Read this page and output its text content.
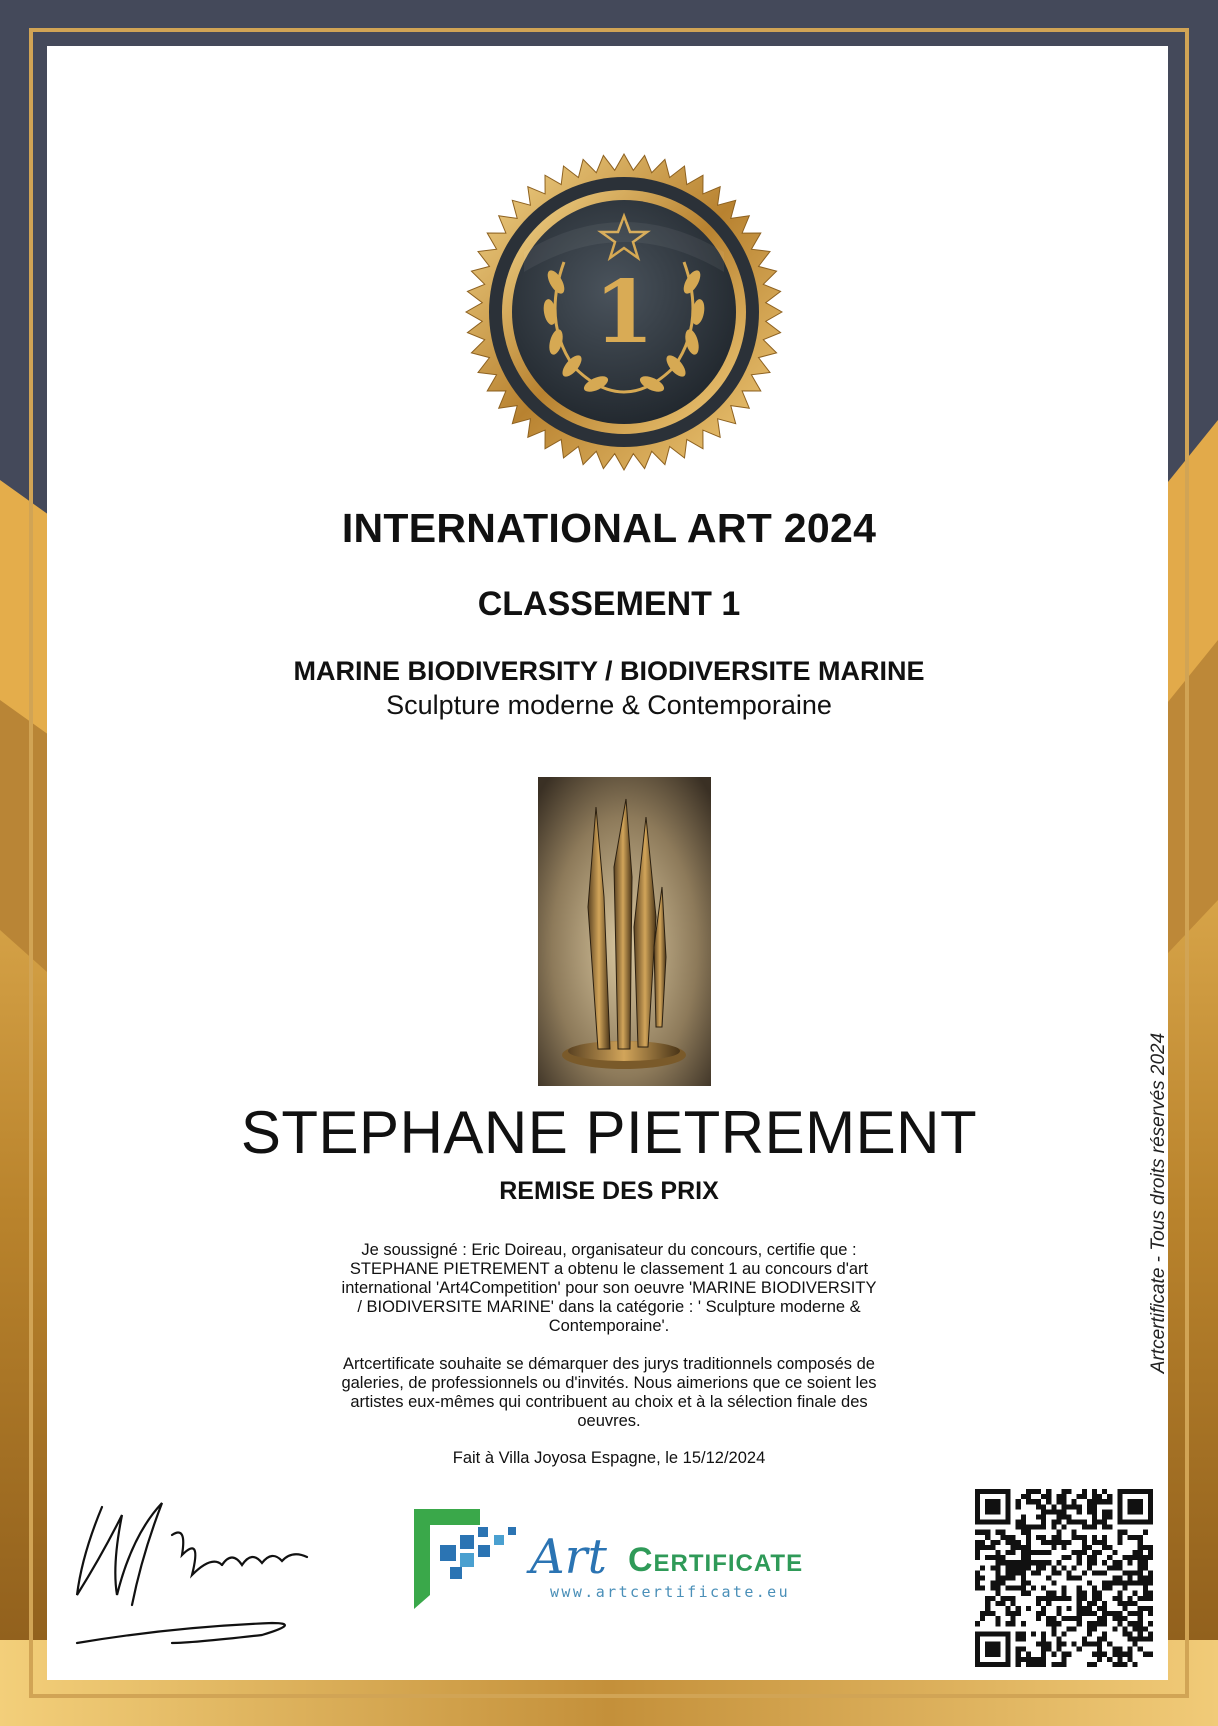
1
INTERNATIONAL ART 2024
CLASSEMENT 1
MARINE BIODIVERSITY / BIODIVERSITE MARINE
Sculpture moderne & Contemporaine
STEPHANE PIETREMENT
REMISE DES PRIX
Je soussigné : Eric Doireau, organisateur du concours, certifie que : STEPHANE PIETREMENT a obtenu le classement 1 au concours d'art international 'Art4Competition' pour son oeuvre 'MARINE BIODIVERSITY / BIODIVERSITE MARINE' dans la catégorie : ' Sculpture moderne & Contemporaine'.
Artcertificate souhaite se démarquer des jurys traditionnels composés de galeries, de professionnels ou d'invités. Nous aimerions que ce soient les artistes eux-mêmes qui contribuent au choix et à la sélection finale des oeuvres.
Fait à Villa Joyosa Espagne, le 15/12/2024
Artcertificate - Tous droits réservés 2024
Art Certificate
www.artcertificate.eu
